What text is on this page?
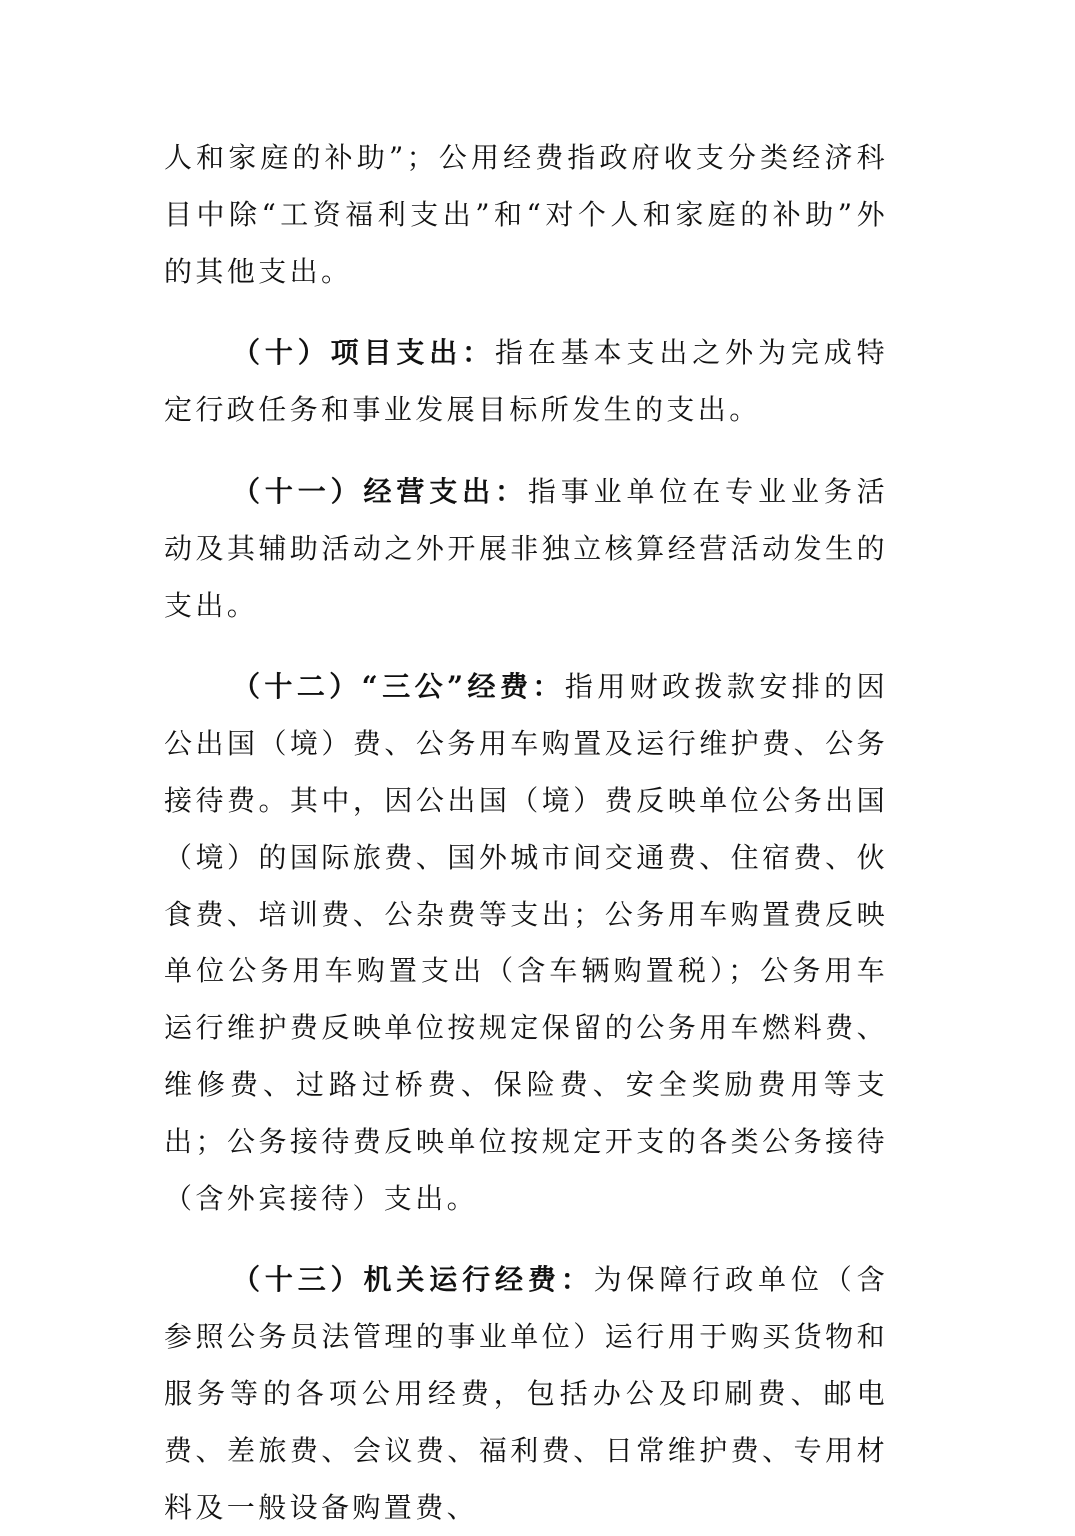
人和家庭的补助”；公用经费指政府收支分类经济科目中除“工资福利支出”和“对个人和家庭的补助”外的其他支出。

（十）项目支出：指在基本支出之外为完成特定行政任务和事业发展目标所发生的支出。

（十一）经营支出：指事业单位在专业业务活动及其辅助活动之外开展非独立核算经营活动发生的支出。

（十二）“三公”经费：指用财政拨款安排的因公出国（境）费、公务用车购置及运行维护费、公务接待费。其中，因公出国（境）费反映单位公务出国（境）的国际旅费、国外城市间交通费、住宿费、伙食费、培训费、公杂费等支出；公务用车购置费反映单位公务用车购置支出（含车辆购置税）；公务用车运行维护费反映单位按规定保留的公务用车燃料费、维修费、过路过桥费、保险费、安全奖励费用等支出；公务接待费反映单位按规定开支的各类公务接待（含外宾接待）支出。

（十三）机关运行经费：为保障行政单位（含参照公务员法管理的事业单位）运行用于购买货物和服务等的各项公用经费，包括办公及印刷费、邮电费、差旅费、会议费、福利费、日常维护费、专用材料及一般设备购置费、
